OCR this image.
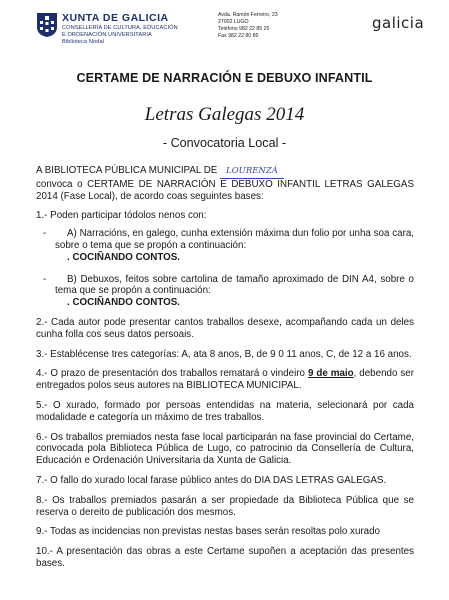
XUNTA DE GALICIA
CONSELLERÍA DE CULTURA, EDUCACIÓN
E ORDENACIÓN UNIVERSITARIA
Biblioteca Nodal
Avda. Ramón Ferreiro, 23
27002 LUGO
Teléfono 982 22 85 25
Fax 982 22 80 85
galicia
CERTAME DE NARRACIÓN E DEBUXO INFANTIL
Letras Galegas 2014
- Convocatoria Local -

A BIBLIOTECA PÚBLICA MUNICIPAL DE LOURENZÁ
convoca o CERTAME DE NARRACIÓN E DEBUXO INFANTIL LETRAS GALEGAS 2014 (Fase Local), de acordo coas seguintes bases:

1.- Poden participar tódolos nenos con:

- A) Narracións, en galego, cunha extensión máxima dun folio por unha soa cara, sobre o tema que se propón a continuación:
. COCIÑANDO CONTOS.

- B) Debuxos, feitos sobre cartolina de tamaño aproximado de DIN A4, sobre o tema que se propón a continuación:
. COCIÑANDO CONTOS.

2.- Cada autor pode presentar cantos traballos desexe, acompañando cada un deles cunha folla cos seus datos persoais.

3.- Establécense tres categorías: A, ata 8 anos, B, de 9 0 11 anos, C, de 12 a 16 anos.

4.- O prazo de presentación dos traballos rematará o vindeiro 9 de maio, debendo ser entregados polos seus autores na BIBLIOTECA MUNICIPAL.

5.- O xurado, formado por persoas entendidas na materia, selecionará por cada modalidade e categoría un máximo de tres traballos.

6.- Os traballos premiados nesta fase local participarán na fase provincial do Certame, convocada pola Biblioteca Pública de Lugo, co patrocinio da Consellería de Cultura, Educación e Ordenación Universitaria da Xunta de Galicia.

7.- O fallo do xurado local farase público antes do DIA DAS LETRAS GALEGAS.

8.- Os traballos premiados pasarán a ser propiedade da Biblioteca Pública que se reserva o dereito de publicación dos mesmos.

9.- Todas as incidencias non previstas nestas bases serán resoltas polo xurado

10.- A presentación das obras a este Certame supoñen a aceptación das presentes bases.
